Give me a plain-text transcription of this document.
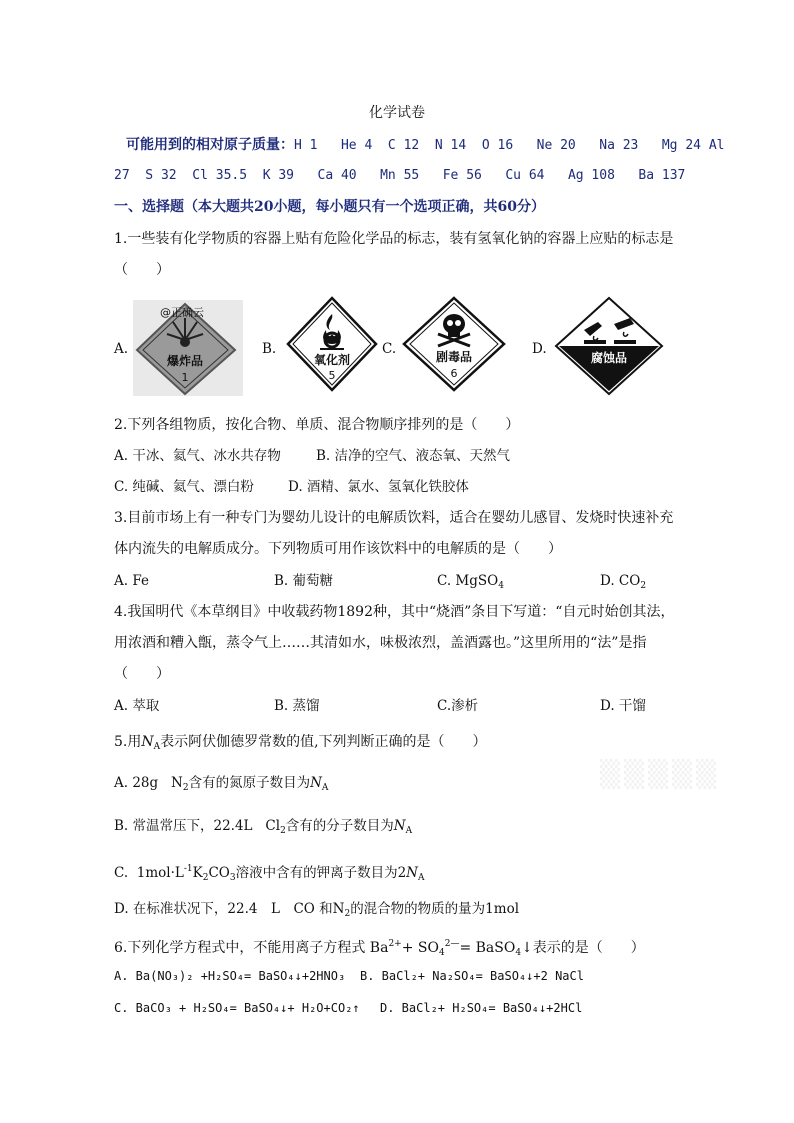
化学试卷
可能用到的相对原子质量：H 1   He 4  C 12  N 14  O 16   Ne 20   Na 23   Mg 24 Al
27  S 32  Cl 35.5  K 39   Ca 40   Mn 55   Fe 56   Cu 64   Ag 108   Ba 137
一、选择题（本大题共20小题，每小题只有一个选项正确，共60分）
1.一些装有化学物质的容器上贴有危险化学品的标志，装有氢氧化钠的容器上应贴的标志是
（　　）
A.	B.	C.	D.
爆炸品
1
@正确云
氧化剂
5
剧毒品
6
腐蚀品
2.下列各组物质，按化合物、单质、混合物顺序排列的是（　　）
A. 干冰、氦气、冰水共存物	B. 洁净的空气、液态氧、天然气
C. 纯碱、氦气、漂白粉	D. 酒精、氯水、氢氧化铁胶体
3.目前市场上有一种专门为婴幼儿设计的电解质饮料，适合在婴幼儿感冒、发烧时快速补充
体内流失的电解质成分。下列物质可用作该饮料中的电解质的是（　　）
A. Fe	B. 葡萄糖	C. MgSO$_4$	D. $CO_2$
4.我国明代《本草纲目》中收载药物1892种，其中“烧酒”条目下写道：“自元时始创其法，
用浓酒和糟入甑，蒸令气上……其清如水，味极浓烈，盖酒露也。”这里所用的“法”是指
（　　）
A. 萃取	B. 蒸馏	C.渗析	D. 干馏
5.用$N_A$表示阿伏伽德罗常数的值,下列判断正确的是（　　）
▒▒▒▒▒
A. 28g $N_2$含有的氮原子数目为$N_A$
B. 常温常压下，22.4L $Cl_2$含有的分子数目为$N_A$
C. $1mol\cdot L^{-1}K_2CO_3$溶液中含有的钾离子数目为$2N_A$
D. 在标准状况下，22.4　L　CO 和$N_2$的混合物的物质的量为1mol
6.下列化学方程式中，不能用离子方程式 $Ba^{2+}+ SO_4^{2—}=$ BaSO$_4$↓表示的是（　　）
A. Ba(NO₃)₂ +H₂SO₄= BaSO₄↓+2HNO₃ B. BaCl₂+ Na₂SO₄= BaSO₄↓+2 NaCl
C. BaCO₃ + H₂SO₄= BaSO₄↓+ H₂O+CO₂↑ D. BaCl₂+ H₂SO₄= BaSO₄↓+2HCl
